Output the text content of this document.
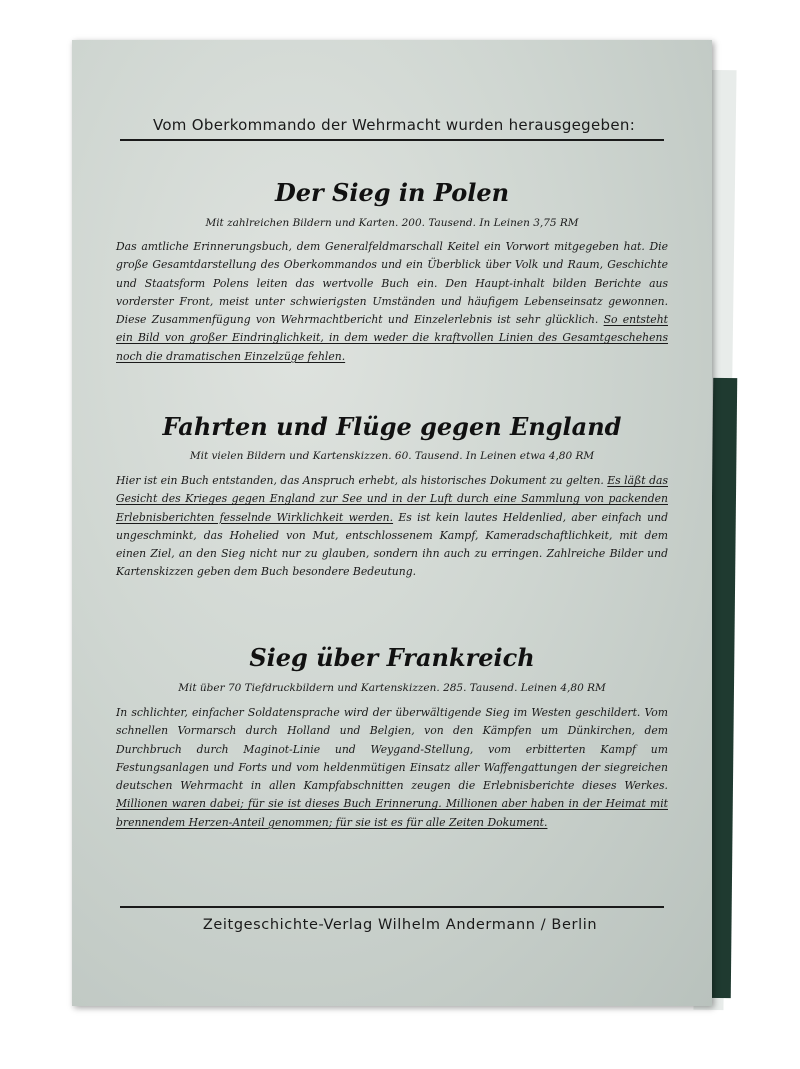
Vom Oberkommando der Wehrmacht wurden herausgegeben:
Der Sieg in Polen
Mit zahlreichen Bildern und Karten. 200. Tausend. In Leinen 3,75 RM
Das amtliche Erinnerungsbuch, dem Generalfeldmarschall Keitel ein Vorwort mitgegeben hat. Die große Gesamtdarstellung des Oberkommandos und ein Überblick über Volk und Raum, Geschichte und Staatsform Polens leiten das wertvolle Buch ein. Den Haupt-inhalt bilden Berichte aus vorderster Front, meist unter schwierigsten Umständen und häufigem Lebenseinsatz gewonnen. Diese Zusammenfügung von Wehrmachtbericht und Einzelerlebnis ist sehr glücklich. So entsteht ein Bild von großer Eindringlichkeit, in dem weder die kraftvollen Linien des Gesamtgeschehens noch die dramatischen Einzelzüge fehlen.
Fahrten und Flüge gegen England
Mit vielen Bildern und Kartenskizzen. 60. Tausend. In Leinen etwa 4,80 RM
Hier ist ein Buch entstanden, das Anspruch erhebt, als historisches Dokument zu gelten. Es läßt das Gesicht des Krieges gegen England zur See und in der Luft durch eine Sammlung von packenden Erlebnisberichten fesselnde Wirklichkeit werden. Es ist kein lautes Heldenlied, aber einfach und ungeschminkt, das Hohelied von Mut, entschlossenem Kampf, Kameradschaftlichkeit, mit dem einen Ziel, an den Sieg nicht nur zu glauben, sondern ihn auch zu erringen. Zahlreiche Bilder und Kartenskizzen geben dem Buch besondere Bedeutung.
Sieg über Frankreich
Mit über 70 Tiefdruckbildern und Kartenskizzen. 285. Tausend. Leinen 4,80 RM
In schlichter, einfacher Soldatensprache wird der überwältigende Sieg im Westen geschildert. Vom schnellen Vormarsch durch Holland und Belgien, von den Kämpfen um Dünkirchen, dem Durchbruch durch Maginot-Linie und Weygand-Stellung, vom erbitterten Kampf um Festungsanlagen und Forts und vom heldenmütigen Einsatz aller Waffengattungen der siegreichen deutschen Wehrmacht in allen Kampfabschnitten zeugen die Erlebnisberichte dieses Werkes. Millionen waren dabei; für sie ist dieses Buch Erinnerung. Millionen aber haben in der Heimat mit brennendem Herzen-Anteil genommen; für sie ist es für alle Zeiten Dokument.
Zeitgeschichte-Verlag Wilhelm Andermann / Berlin
